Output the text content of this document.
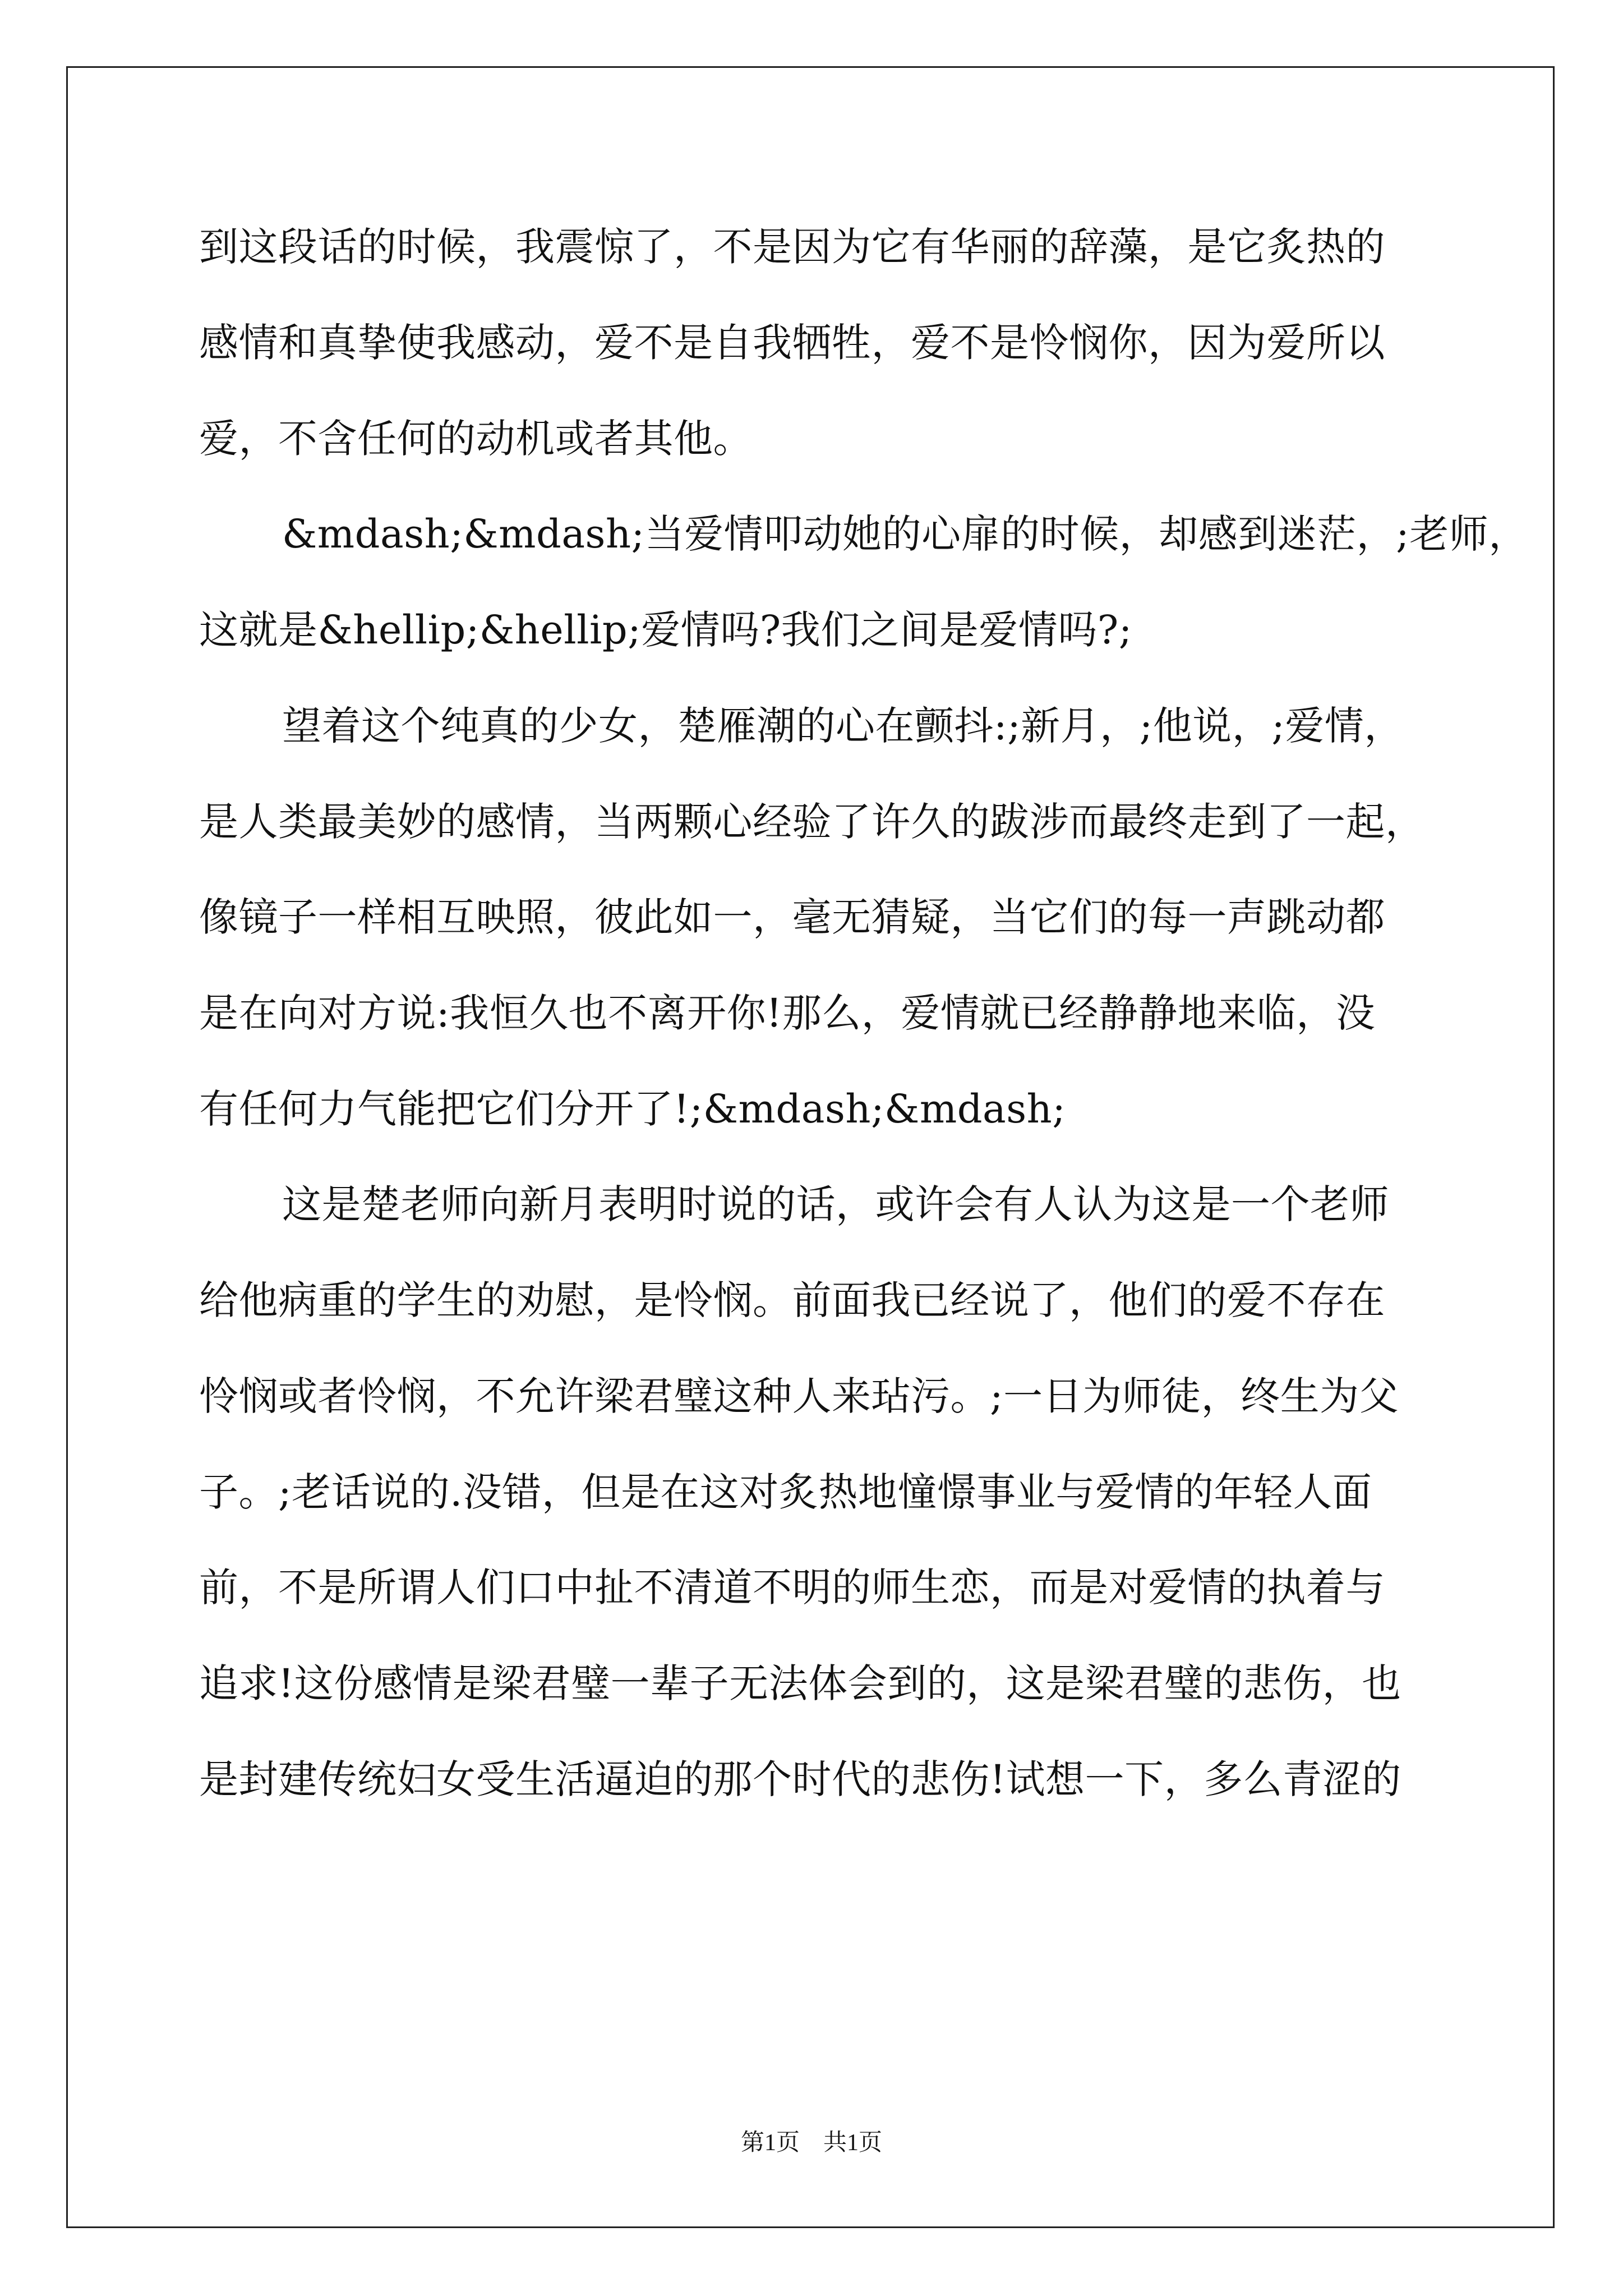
到这段话的时候，我震惊了，不是因为它有华丽的辞藻，是它炙热的
感情和真挚使我感动，爱不是自我牺牲，爱不是怜悯你，因为爱所以
爱，不含任何的动机或者其他。
&mdash;&mdash;当爱情叩动她的心扉的时候，却感到迷茫，;老师，
这就是&hellip;&hellip;爱情吗?我们之间是爱情吗?;
望着这个纯真的少女，楚雁潮的心在颤抖:;新月，;他说，;爱情，
是人类最美妙的感情，当两颗心经验了许久的跋涉而最终走到了一起，
像镜子一样相互映照，彼此如一，毫无猜疑，当它们的每一声跳动都
是在向对方说:我恒久也不离开你!那么，爱情就已经静静地来临，没
有任何力气能把它们分开了!;&mdash;&mdash;
这是楚老师向新月表明时说的话，或许会有人认为这是一个老师
给他病重的学生的劝慰，是怜悯。前面我已经说了，他们的爱不存在
怜悯或者怜悯，不允许梁君璧这种人来玷污。;一日为师徒，终生为父
子。;老话说的.没错，但是在这对炙热地憧憬事业与爱情的年轻人面
前，不是所谓人们口中扯不清道不明的师生恋，而是对爱情的执着与
追求!这份感情是梁君璧一辈子无法体会到的，这是梁君璧的悲伤，也
是封建传统妇女受生活逼迫的那个时代的悲伤!试想一下，多么青涩的
第1页　共1页
